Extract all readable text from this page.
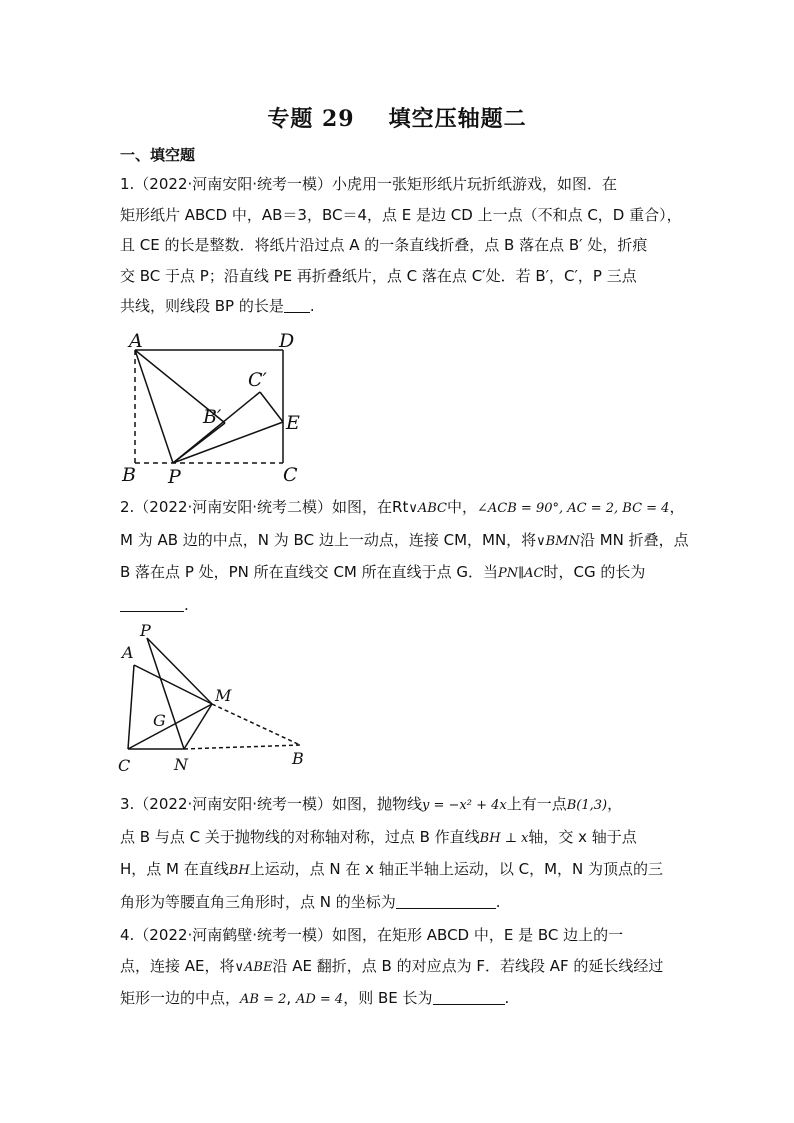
专题 29 填空压轴题二
一、填空题
1.（2022·河南安阳·统考一模）小虎用一张矩形纸片玩折纸游戏，如图．在
矩形纸片 ABCD 中，AB＝3，BC＝4，点 E 是边 CD 上一点（不和点 C，D 重合），
且 CE 的长是整数．将纸片沿过点 A 的一条直线折叠，点 B 落在点 B′ 处，折痕
交 BC 于点 P；沿直线 PE 再折叠纸片，点 C 落在点 C′处．若 B′，C′，P 三点
共线，则线段 BP 的长是 .
A	D
C′
B′	E
B P	C
2.（2022·河南安阳·统考二模）如图，在Rt∨ABC中，∠ACB = 90°, AC = 2, BC = 4，
M 为 AB 边的中点，N 为 BC 边上一动点，连接 CM，MN，将∨BMN沿 MN 折叠，点
B 落在点 P 处，PN 所在直线交 CM 所在直线于点 G．当PN∥AC时，CG 的长为
.
P
A
M
G
C	N	B
3.（2022·河南安阳·统考一模）如图，抛物线y = −x² + 4x上有一点B(1,3)，
点 B 与点 C 关于抛物线的对称轴对称，过点 B 作直线BH ⊥ x轴，交 x 轴于点
H，点 M 在直线BH上运动，点 N 在 x 轴正半轴上运动，以 C，M，N 为顶点的三
角形为等腰直角三角形时，点 N 的坐标为	.
4.（2022·河南鹤壁·统考一模）如图，在矩形 ABCD 中，E 是 BC 边上的一
点，连接 AE，将∨ABE沿 AE 翻折，点 B 的对应点为 F．若线段 AF 的延长线经过
矩形一边的中点，AB = 2, AD = 4，则 BE 长为	.
